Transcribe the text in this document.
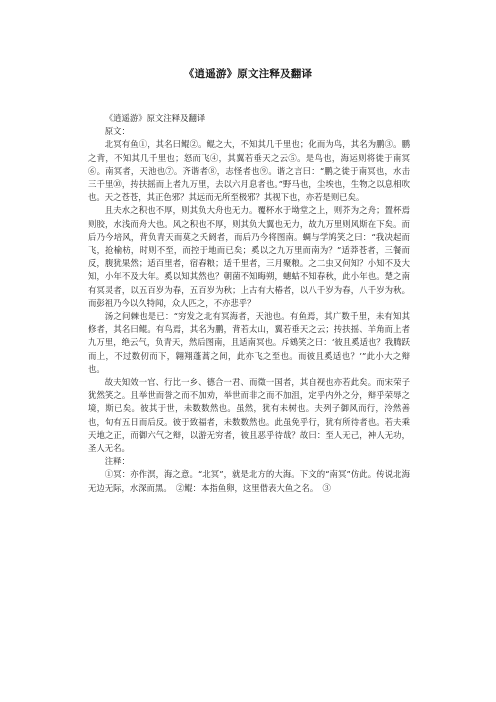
《逍遥游》原文注释及翻译

《逍遥游》原文注释及翻译

原文：

北冥有鱼①，其名曰鲲②。鲲之大，不知其几千里也；化而为鸟，其名为鹏③。鹏之背，不知其几千里也；怒而飞④，其翼若垂天之云⑤。是鸟也，海运则将徙于南冥⑥。南冥者，天池也⑦。齐谐者⑧，志怪者也⑨。谐之言曰：“鹏之徙于南冥也，水击三千里⑩，抟扶摇而上者九万里，去以六月息者也。”野马也，尘埃也，生物之以息相吹也。天之苍苍，其正色邪？其远而无所至极邪？其视下也，亦若是则已矣。

且夫水之积也不厚，则其负大舟也无力。覆杯水于坳堂之上，则芥为之舟；置杯焉则胶，水浅而舟大也。风之积也不厚，则其负大翼也无力，故九万里则风斯在下矣。而后乃今培风，背负青天而莫之夭阏者，而后乃今将图南。蜩与学鸠笑之曰：“我决起而飞，抢榆枋，时则不至，而控于地而已矣；奚以之九万里而南为？”适莽苍者，三餐而反，腹犹果然；适百里者，宿舂粮；适千里者，三月聚粮。之二虫又何知？小知不及大知，小年不及大年。奚以知其然也？朝菌不知晦朔，蟪蛄不知春秋，此小年也。楚之南有冥灵者，以五百岁为春，五百岁为秋；上古有大椿者，以八千岁为春，八千岁为秋。而彭祖乃今以久特闻，众人匹之，不亦悲乎？

汤之问棘也是已：“穷发之北有冥海者，天池也。有鱼焉，其广数千里，未有知其修者，其名曰鲲。有鸟焉，其名为鹏，背若太山，翼若垂天之云；抟扶摇、羊角而上者九万里，绝云气，负青天，然后图南，且适南冥也。斥鴳笑之曰：‘彼且奚适也？我腾跃而上，不过数仞而下，翱翔蓬蒿之间，此亦飞之至也。而彼且奚适也？’”此小大之辩也。

故夫知效一官、行比一乡、德合一君、而徵一国者，其自视也亦若此矣。而宋荣子犹然笑之。且举世而誉之而不加劝，举世而非之而不加沮，定乎内外之分，辩乎荣辱之境，斯已矣。彼其于世，未数数然也。虽然，犹有未树也。夫列子御风而行，泠然善也，旬有五日而后反。彼于致福者，未数数然也。此虽免乎行，犹有所待者也。若夫乘天地之正，而御六气之辩，以游无穷者，彼且恶乎待哉？故曰：至人无己，神人无功，圣人无名。

注释：

①冥：亦作溟，海之意。“北冥”，就是北方的大海。下文的“南冥”仿此。传说北海无边无际，水深而黑。　②鲲：本指鱼卵，这里借表大鱼之名。　③
